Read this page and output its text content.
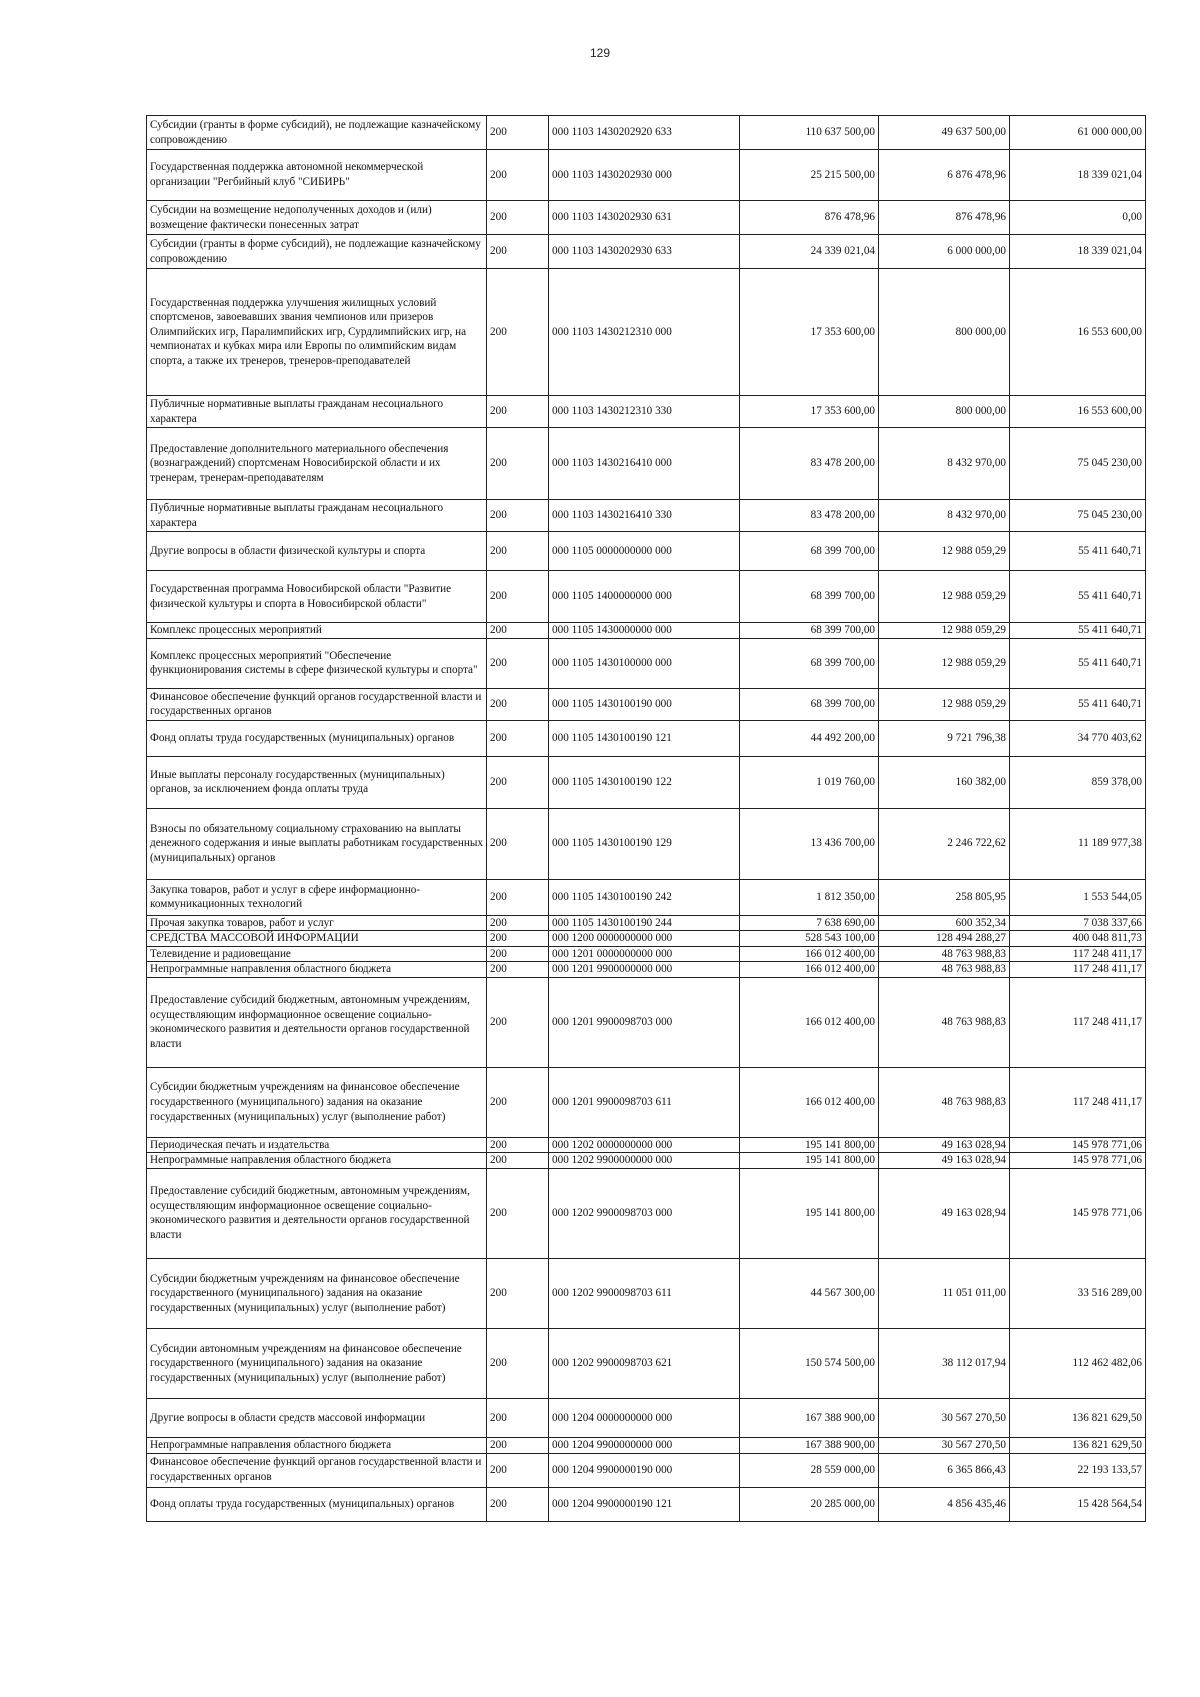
129
Субсидии (гранты в форме субсидий), не подлежащие казначейскому сопровождению	200	000 1103 1430202920 633	110 637 500,00	49 637 500,00	61 000 000,00
Государственная поддержка автономной некоммерческой организации "Регбийный клуб "СИБИРЬ"	200	000 1103 1430202930 000	25 215 500,00	6 876 478,96	18 339 021,04
Субсидии на возмещение недополученных доходов и (или) возмещение фактически понесенных затрат	200	000 1103 1430202930 631	876 478,96	876 478,96	0,00
Субсидии (гранты в форме субсидий), не подлежащие казначейскому сопровождению	200	000 1103 1430202930 633	24 339 021,04	6 000 000,00	18 339 021,04
Государственная поддержка улучшения жилищных условий спортсменов, завоевавших звания чемпионов или призеров Олимпийских игр, Паралимпийских игр, Сурдлимпийских игр, на чемпионатах и кубках мира или Европы по олимпийским видам спорта, а также их тренеров, тренеров-преподавателей	200	000 1103 1430212310 000	17 353 600,00	800 000,00	16 553 600,00
Публичные нормативные выплаты гражданам несоциального характера	200	000 1103 1430212310 330	17 353 600,00	800 000,00	16 553 600,00
Предоставление дополнительного материального обеспечения (вознаграждений) спортсменам Новосибирской области и их тренерам, тренерам-преподавателям	200	000 1103 1430216410 000	83 478 200,00	8 432 970,00	75 045 230,00
Публичные нормативные выплаты гражданам несоциального характера	200	000 1103 1430216410 330	83 478 200,00	8 432 970,00	75 045 230,00
Другие вопросы в области физической культуры и спорта	200	000 1105 0000000000 000	68 399 700,00	12 988 059,29	55 411 640,71
Государственная программа Новосибирской области "Развитие физической культуры и спорта в Новосибирской области"	200	000 1105 1400000000 000	68 399 700,00	12 988 059,29	55 411 640,71
Комплекс процессных мероприятий	200	000 1105 1430000000 000	68 399 700,00	12 988 059,29	55 411 640,71
Комплекс процессных мероприятий "Обеспечение функционирования системы в сфере физической культуры и спорта"	200	000 1105 1430100000 000	68 399 700,00	12 988 059,29	55 411 640,71
Финансовое обеспечение функций органов государственной власти и государственных органов	200	000 1105 1430100190 000	68 399 700,00	12 988 059,29	55 411 640,71
Фонд оплаты труда государственных (муниципальных) органов	200	000 1105 1430100190 121	44 492 200,00	9 721 796,38	34 770 403,62
Иные выплаты персоналу государственных (муниципальных) органов, за исключением фонда оплаты труда	200	000 1105 1430100190 122	1 019 760,00	160 382,00	859 378,00
Взносы по обязательному социальному страхованию на выплаты денежного содержания и иные выплаты работникам государственных (муниципальных) органов	200	000 1105 1430100190 129	13 436 700,00	2 246 722,62	11 189 977,38
Закупка товаров, работ и услуг в сфере информационно-коммуникационных технологий	200	000 1105 1430100190 242	1 812 350,00	258 805,95	1 553 544,05
Прочая закупка товаров, работ и услуг	200	000 1105 1430100190 244	7 638 690,00	600 352,34	7 038 337,66
СРЕДСТВА МАССОВОЙ ИНФОРМАЦИИ	200	000 1200 0000000000 000	528 543 100,00	128 494 288,27	400 048 811,73
Телевидение и радиовещание	200	000 1201 0000000000 000	166 012 400,00	48 763 988,83	117 248 411,17
Непрограммные направления областного бюджета	200	000 1201 9900000000 000	166 012 400,00	48 763 988,83	117 248 411,17
Предоставление субсидий бюджетным, автономным учреждениям, осуществляющим информационное освещение социально-экономического развития и деятельности органов государственной власти	200	000 1201 9900098703 000	166 012 400,00	48 763 988,83	117 248 411,17
Субсидии бюджетным учреждениям на финансовое обеспечение государственного (муниципального) задания на оказание государственных (муниципальных) услуг (выполнение работ)	200	000 1201 9900098703 611	166 012 400,00	48 763 988,83	117 248 411,17
Периодическая печать и издательства	200	000 1202 0000000000 000	195 141 800,00	49 163 028,94	145 978 771,06
Непрограммные направления областного бюджета	200	000 1202 9900000000 000	195 141 800,00	49 163 028,94	145 978 771,06
Предоставление субсидий бюджетным, автономным учреждениям, осуществляющим информационное освещение социально-экономического развития и деятельности органов государственной власти	200	000 1202 9900098703 000	195 141 800,00	49 163 028,94	145 978 771,06
Субсидии бюджетным учреждениям на финансовое обеспечение государственного (муниципального) задания на оказание государственных (муниципальных) услуг (выполнение работ)	200	000 1202 9900098703 611	44 567 300,00	11 051 011,00	33 516 289,00
Субсидии автономным учреждениям на финансовое обеспечение государственного (муниципального) задания на оказание государственных (муниципальных) услуг (выполнение работ)	200	000 1202 9900098703 621	150 574 500,00	38 112 017,94	112 462 482,06
Другие вопросы в области средств массовой информации	200	000 1204 0000000000 000	167 388 900,00	30 567 270,50	136 821 629,50
Непрограммные направления областного бюджета	200	000 1204 9900000000 000	167 388 900,00	30 567 270,50	136 821 629,50
Финансовое обеспечение функций органов государственной власти и государственных органов	200	000 1204 9900000190 000	28 559 000,00	6 365 866,43	22 193 133,57
Фонд оплаты труда государственных (муниципальных) органов	200	000 1204 9900000190 121	20 285 000,00	4 856 435,46	15 428 564,54
